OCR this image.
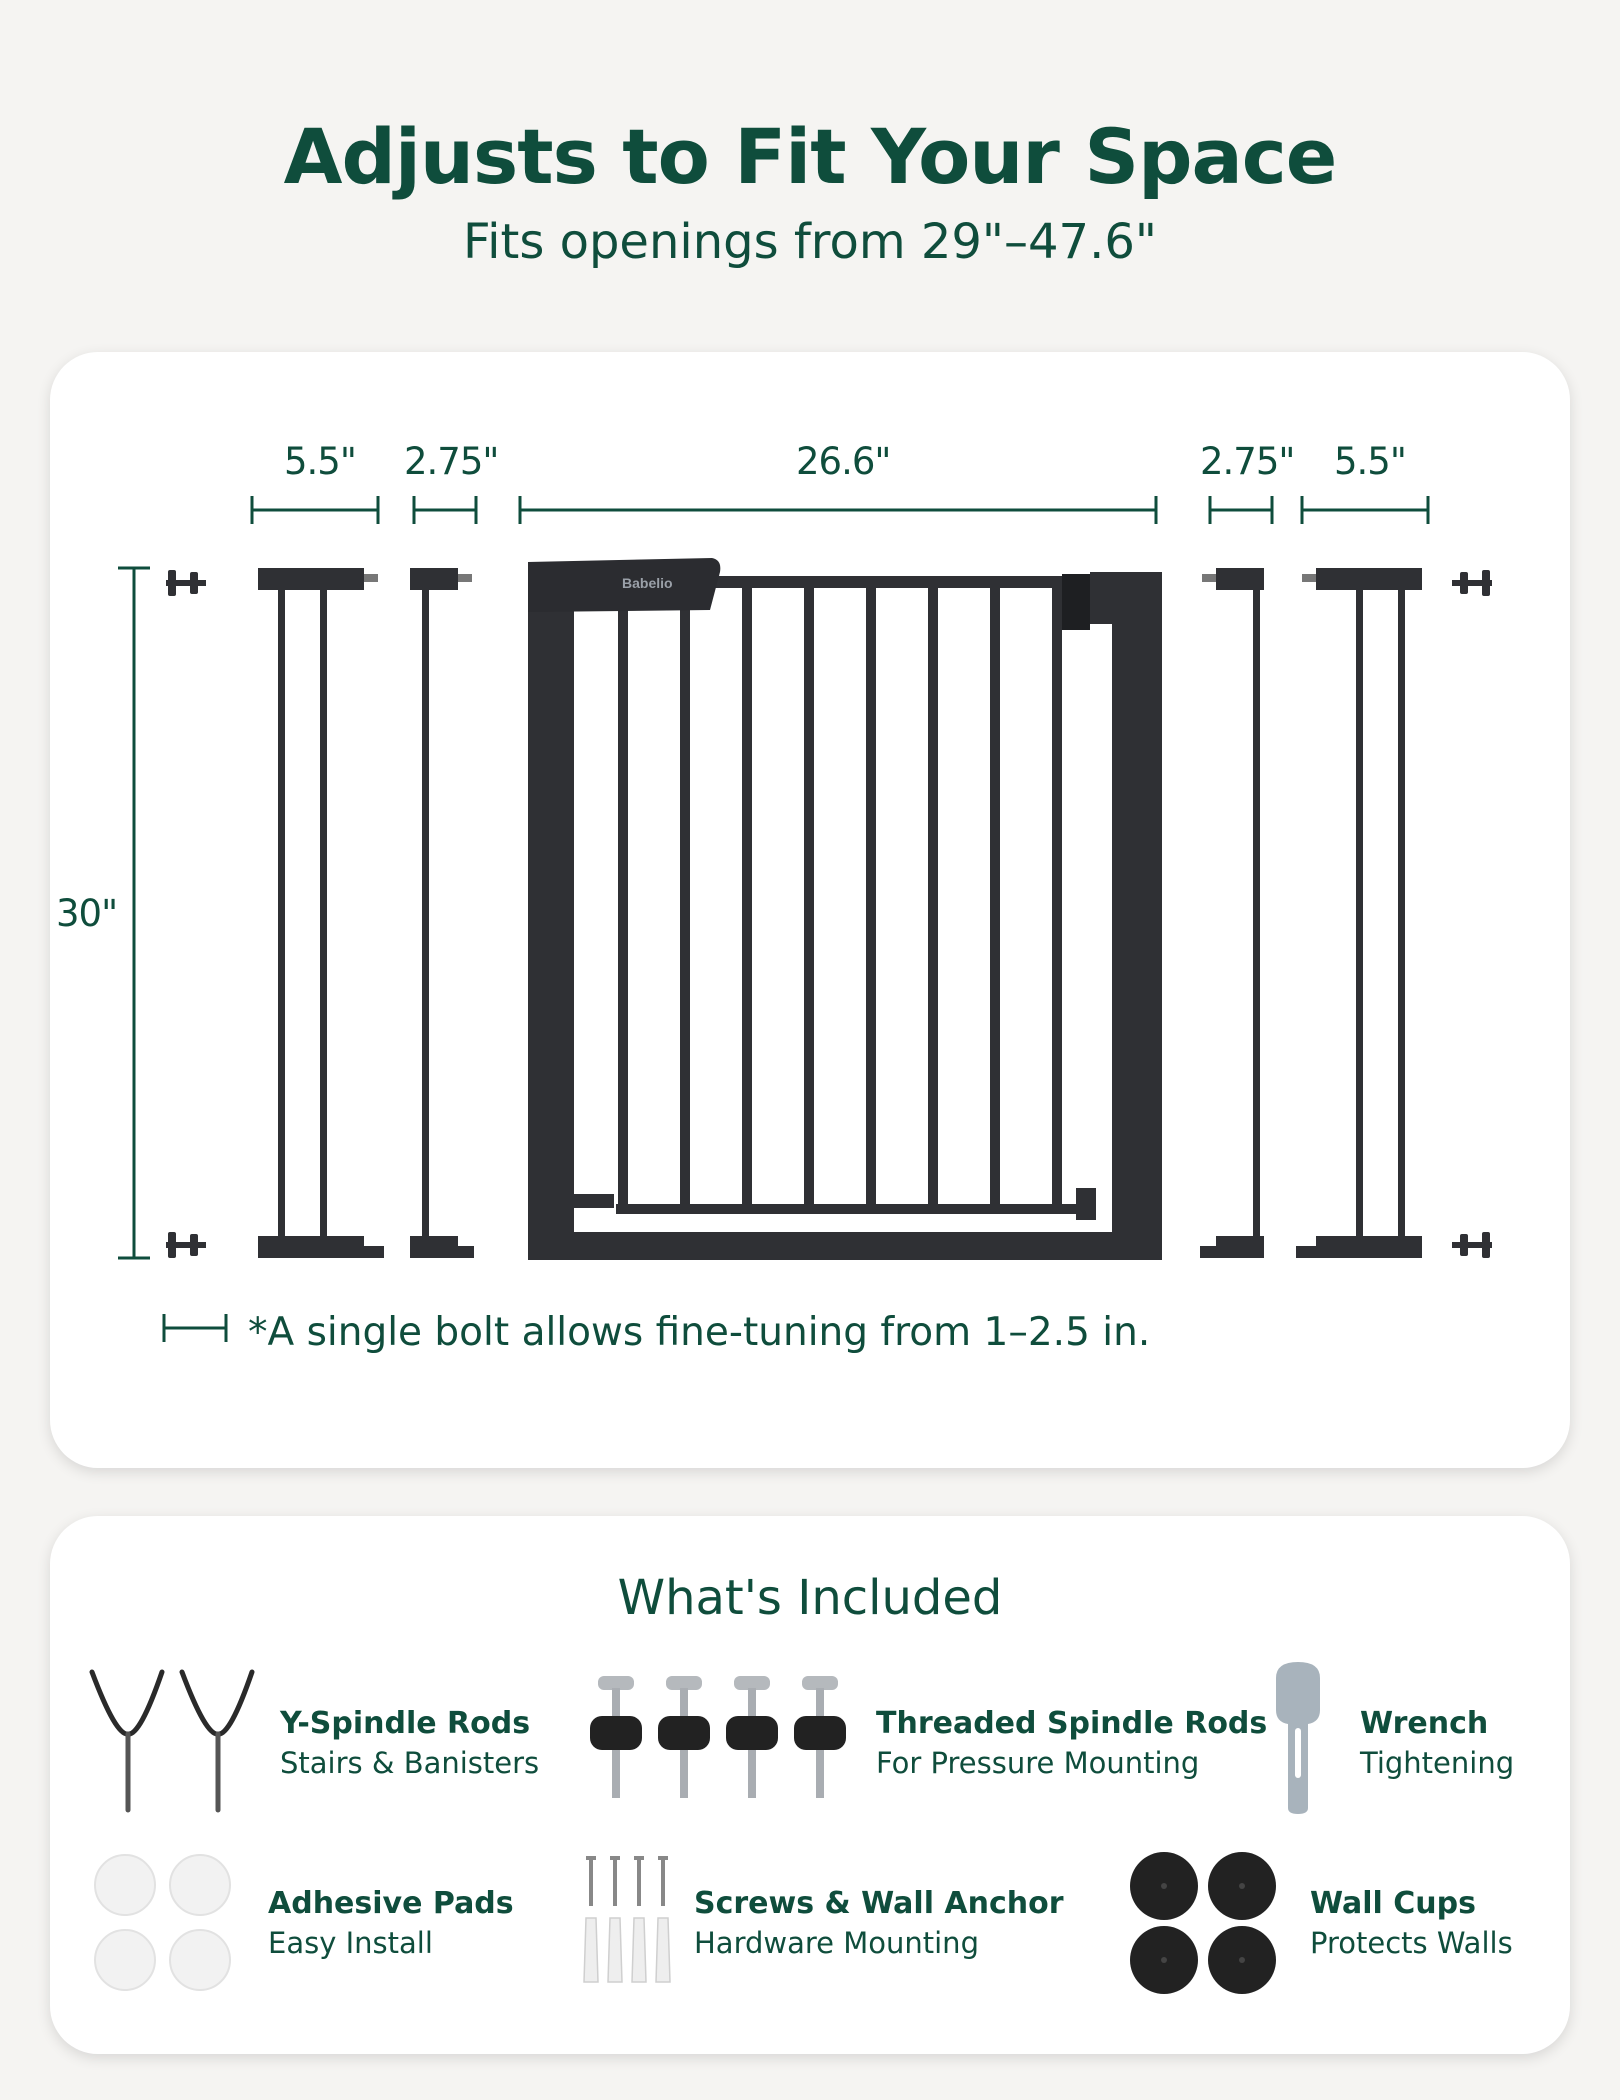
Adjusts to Fit Your Space
Fits openings from 29"–47.6"
Babelio
5.5" 2.75"	26.6"	2.75" 5.5"
30"
*A single bolt allows fine-tuning from 1–2.5 in.
What's Included
Y-Spindle Rods
Stairs & Banisters
Threaded Spindle Rods
For Pressure Mounting
Wrench
Tightening
Adhesive Pads
Easy Install
Screws & Wall Anchor
Hardware Mounting
Wall Cups
Protects Walls
